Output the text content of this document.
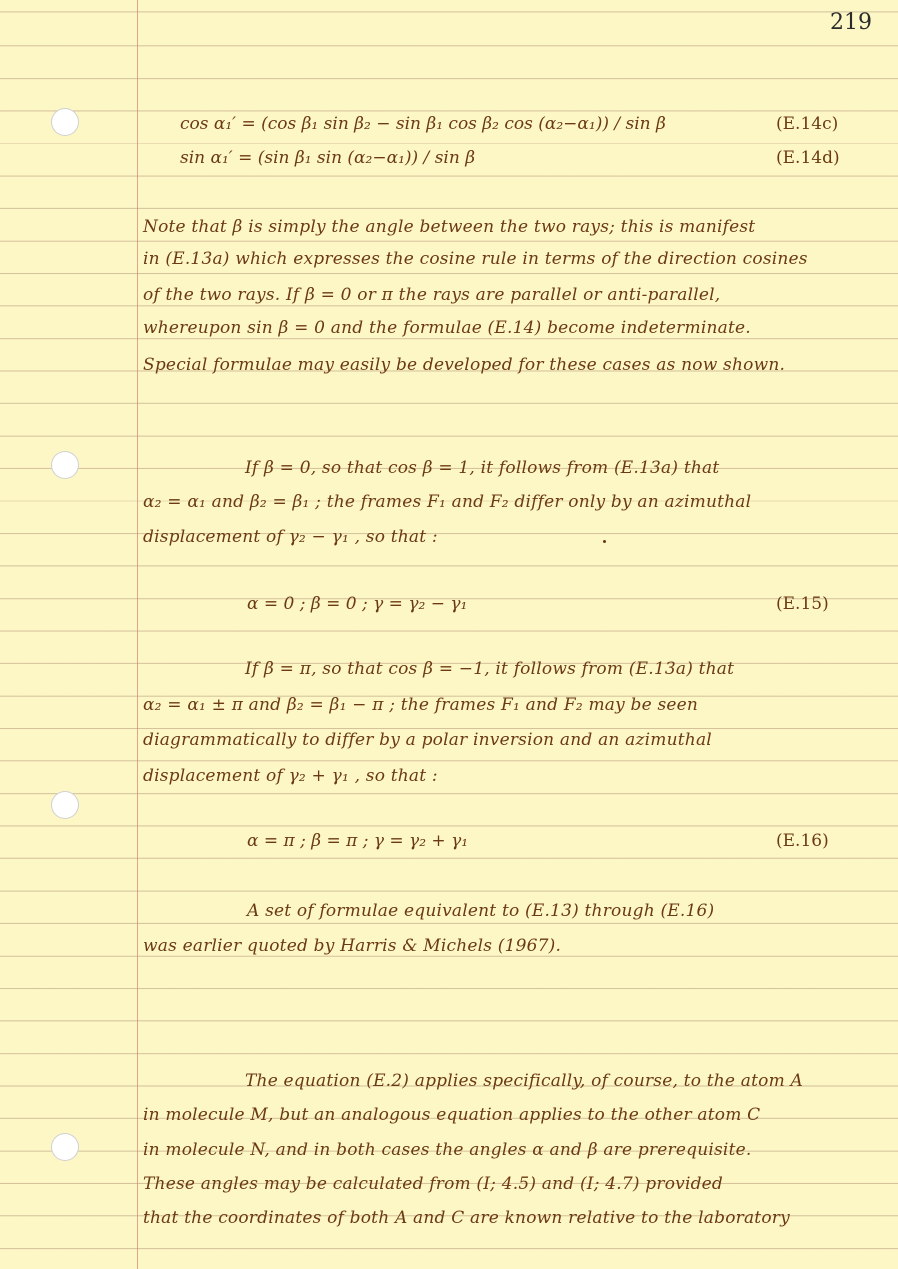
219
cos α₁′ = (cos β₁ sin β₂ − sin β₁ cos β₂ cos (α₂−α₁)) / sin β	(E.14c)
sin α₁′ = (sin β₁ sin (α₂−α₁)) / sin β	(E.14d)
Note that β is simply the angle between the two rays; this is manifest
in (E.13a) which expresses the cosine rule in terms of the direction cosines
of the two rays. If β = 0 or π the rays are parallel or anti-parallel,
whereupon sin β = 0 and the formulae (E.14) become indeterminate.
Special formulae may easily be developed for these cases as now shown.
If β = 0, so that cos β = 1, it follows from (E.13a) that
α₂ = α₁ and β₂ = β₁ ; the frames F₁ and F₂ differ only by an azimuthal
displacement of γ₂ − γ₁ , so that :
α = 0 ; β = 0 ; γ = γ₂ − γ₁	(E.15)
If β = π, so that cos β = −1, it follows from (E.13a) that
α₂ = α₁ ± π and β₂ = β₁ − π ; the frames F₁ and F₂ may be seen
diagrammatically to differ by a polar inversion and an azimuthal
displacement of γ₂ + γ₁ , so that :
α = π ; β = π ; γ = γ₂ + γ₁	(E.16)
A set of formulae equivalent to (E.13) through (E.16)
was earlier quoted by Harris & Michels (1967).
The equation (E.2) applies specifically, of course, to the atom A
in molecule M, but an analogous equation applies to the other atom C
in molecule N, and in both cases the angles α and β are prerequisite.
These angles may be calculated from (I; 4.5) and (I; 4.7) provided
that the coordinates of both A and C are known relative to the laboratory
